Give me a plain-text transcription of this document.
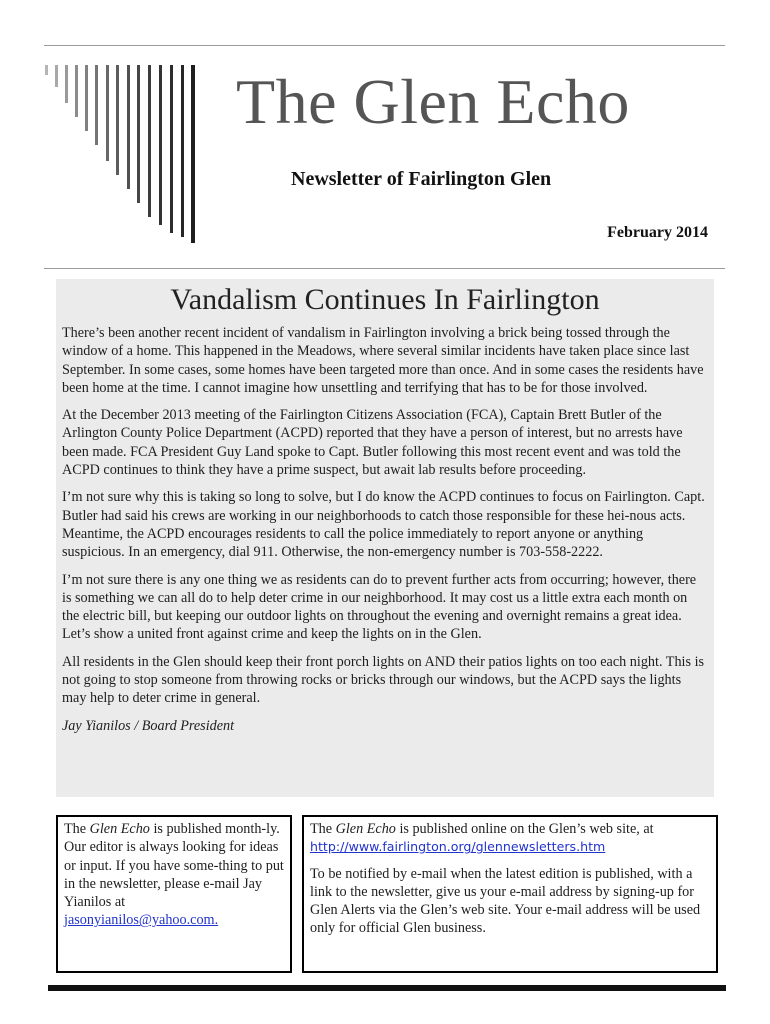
The Glen Echo
Newsletter of Fairlington Glen
February 2014
Vandalism Continues In Fairlington

There’s been another recent incident of vandalism in Fairlington involving a brick being tossed through the window of a home. This happened in the Meadows, where several similar incidents have taken place since last September. In some cases, some homes have been targeted more than once. And in some cases the residents have been home at the time. I cannot imagine how unsettling and terrifying that has to be for those involved.

At the December 2013 meeting of the Fairlington Citizens Association (FCA), Captain Brett Butler of the Arlington County Police Department (ACPD) reported that they have a person of interest, but no arrests have been made. FCA President Guy Land spoke to Capt. Butler following this most recent event and was told the ACPD continues to think they have a prime suspect, but await lab results before proceeding.

I’m not sure why this is taking so long to solve, but I do know the ACPD continues to focus on Fairlington. Capt. Butler had said his crews are working in our neighborhoods to catch those responsible for these hei-nous acts. Meantime, the ACPD encourages residents to call the police immediately to report anyone or anything suspicious. In an emergency, dial 911. Otherwise, the non-emergency number is 703-558-2222.

I’m not sure there is any one thing we as residents can do to prevent further acts from occurring; however, there is something we can all do to help deter crime in our neighborhood. It may cost us a little extra each month on the electric bill, but keeping our outdoor lights on throughout the evening and overnight remains a great idea. Let’s show a united front against crime and keep the lights on in the Glen.

All residents in the Glen should keep their front porch lights on AND their patios lights on too each night. This is not going to stop someone from throwing rocks or bricks through our windows, but the ACPD says the lights may help to deter crime in general.

Jay Yianilos / Board President

The Glen Echo is published month-ly. Our editor is always looking for ideas or input. If you have some-thing to put in the newsletter, please e-mail Jay Yianilos at
jasonyianilos@yahoo.com.

The Glen Echo is published online on the Glen’s web site, at
http://www.fairlington.org/glennewsletters.htm

To be notified by e-mail when the latest edition is published, with a link to the newsletter, give us your e-mail address by signing-up for Glen Alerts via the Glen’s web site. Your e-mail address will be used only for official Glen business.
